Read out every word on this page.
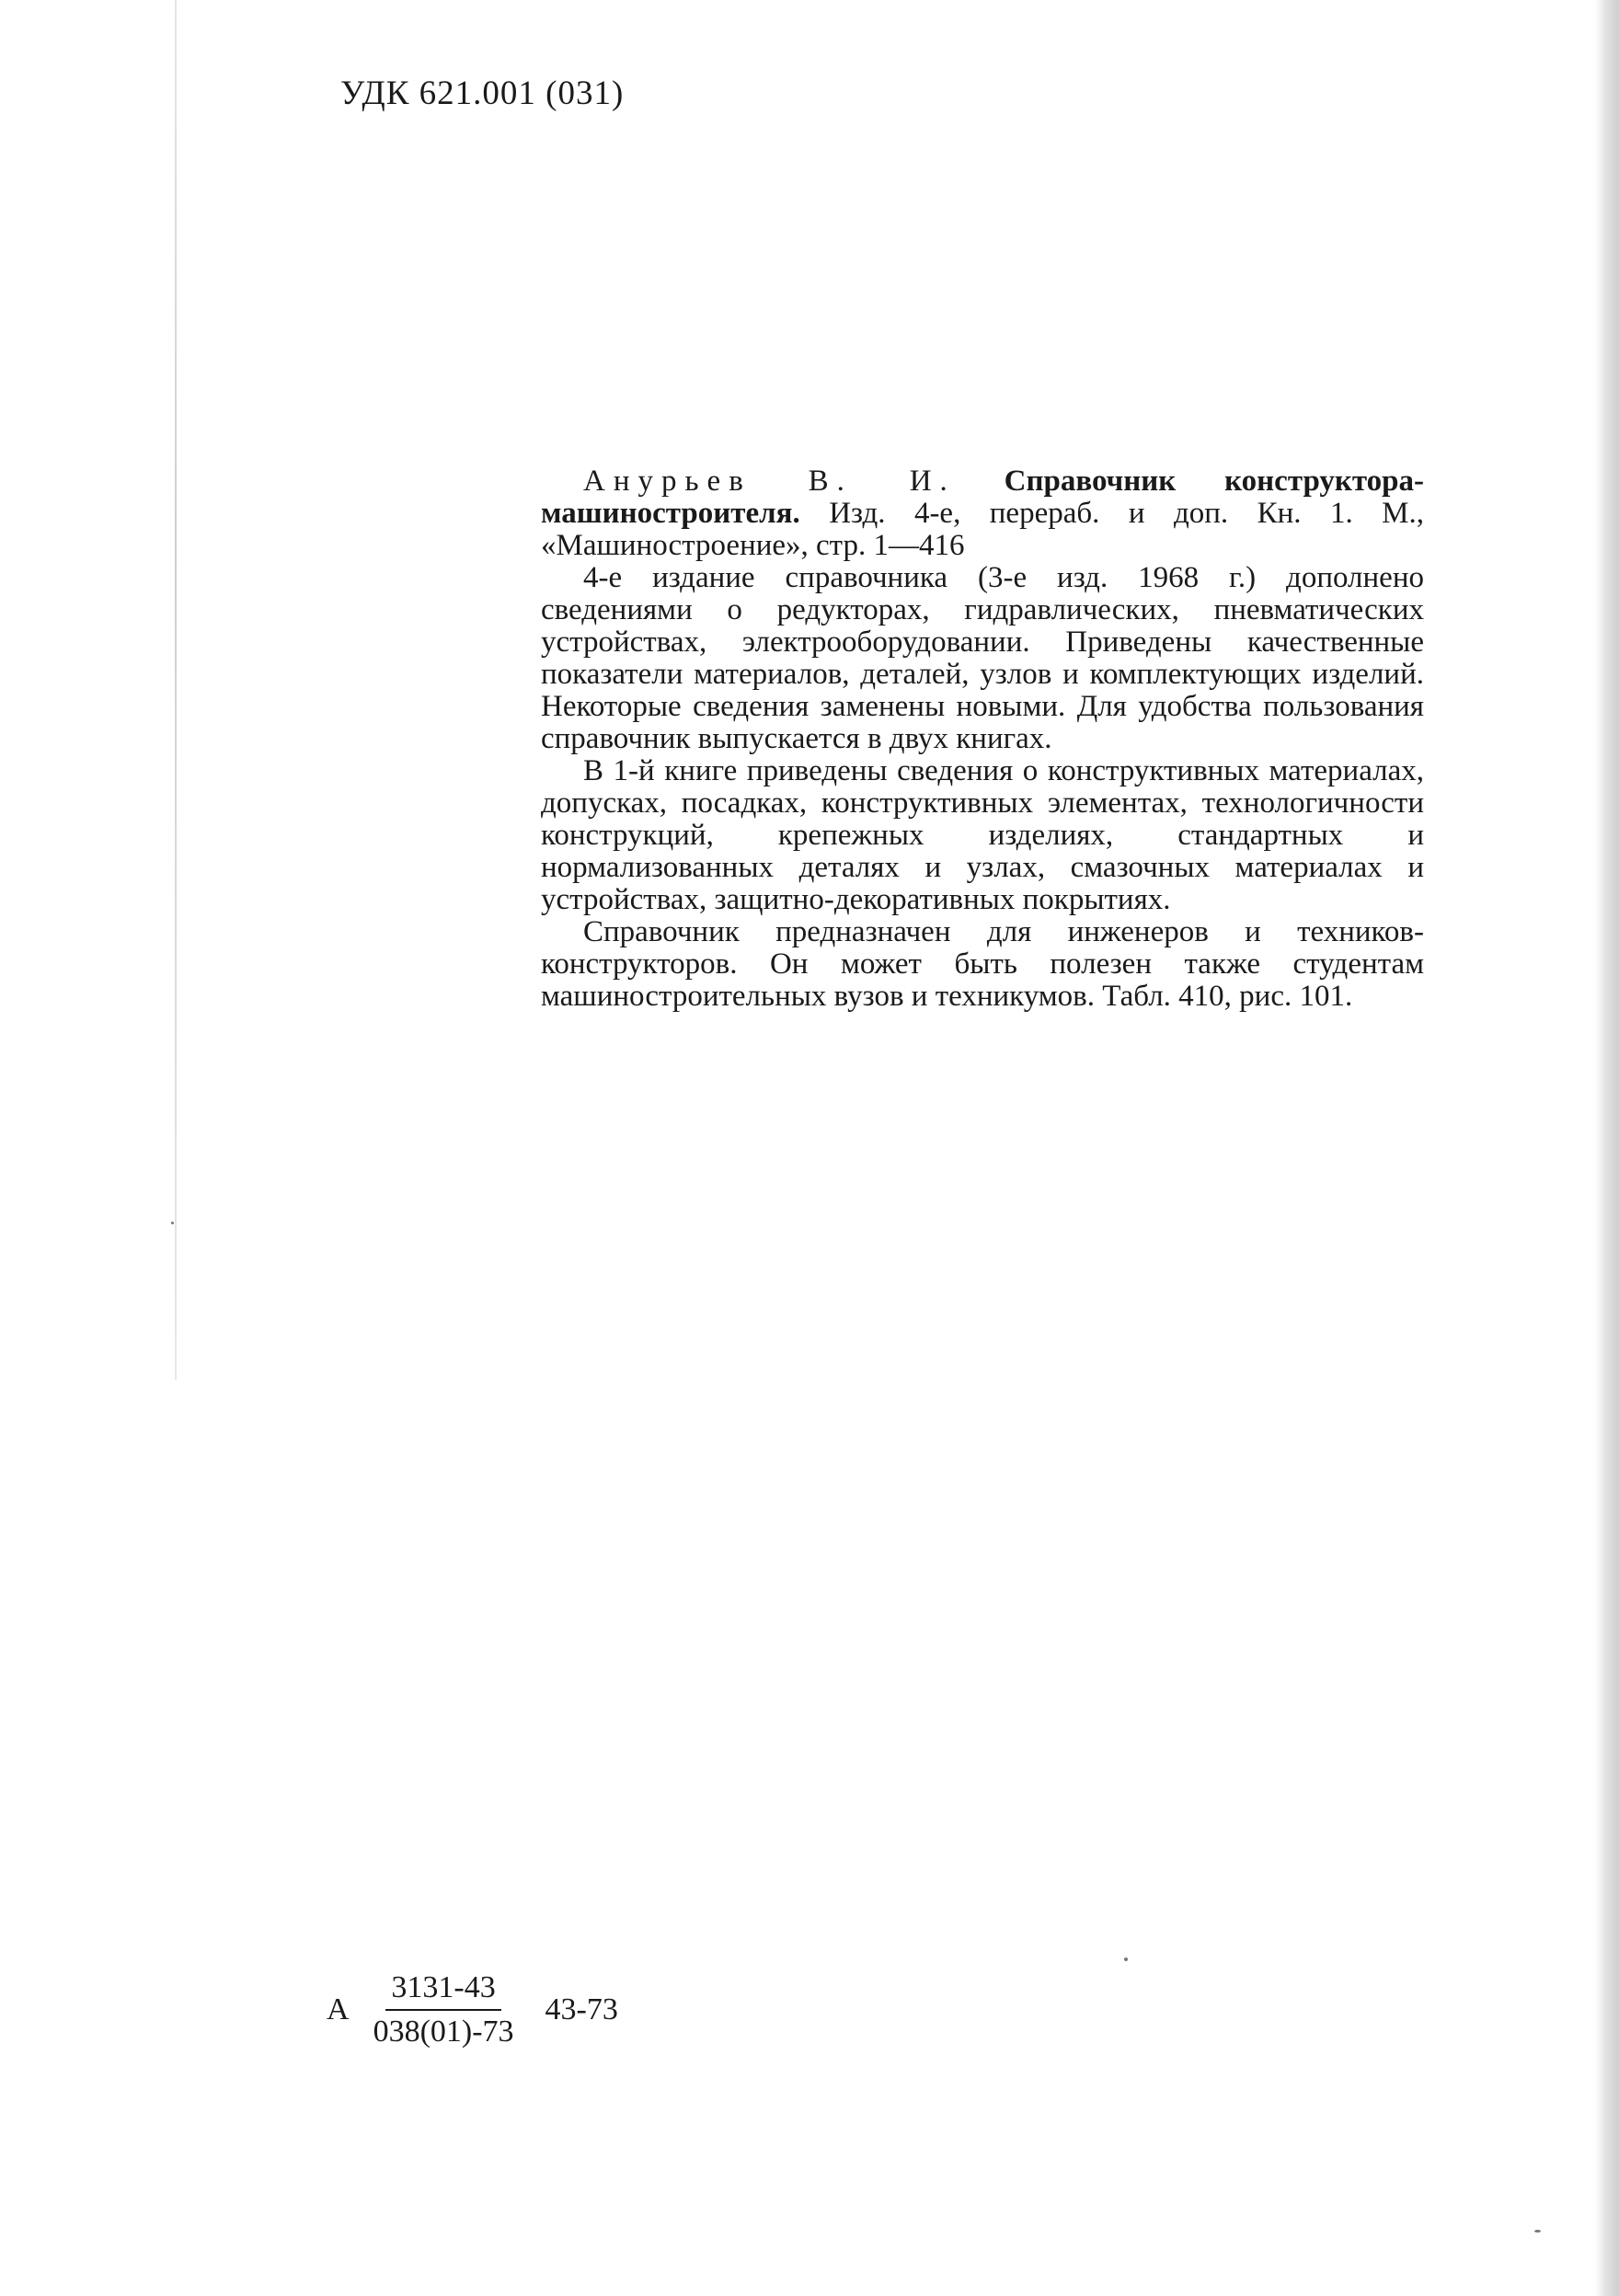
УДК 621.001 (031)

Анурьев В. И. Справочник конструктора-машиностроителя. Изд. 4-е, перераб. и доп. Кн. 1. М., «Машиностроение», стр. 1—416

4-е издание справочника (3-е изд. 1968 г.) дополнено сведениями о редукторах, гидравлических, пневматических устройствах, электрооборудовании. Приведены качественные показатели материалов, деталей, узлов и комплектующих изделий. Некоторые сведения заменены новыми. Для удобства пользования справочник выпускается в двух книгах.

В 1-й книге приведены сведения о конструктивных материалах, допусках, посадках, конструктивных элементах, технологичности конструкций, крепежных изделиях, стандартных и нормализованных деталях и узлах, смазочных материалах и устройствах, защитно-декоративных покрытиях.

Справочник предназначен для инженеров и техников-конструкторов. Он может быть полезен также студентам машиностроительных вузов и техникумов. Табл. 410, рис. 101.

А $\frac{3131-43}{038(01)-73} 43-73$
